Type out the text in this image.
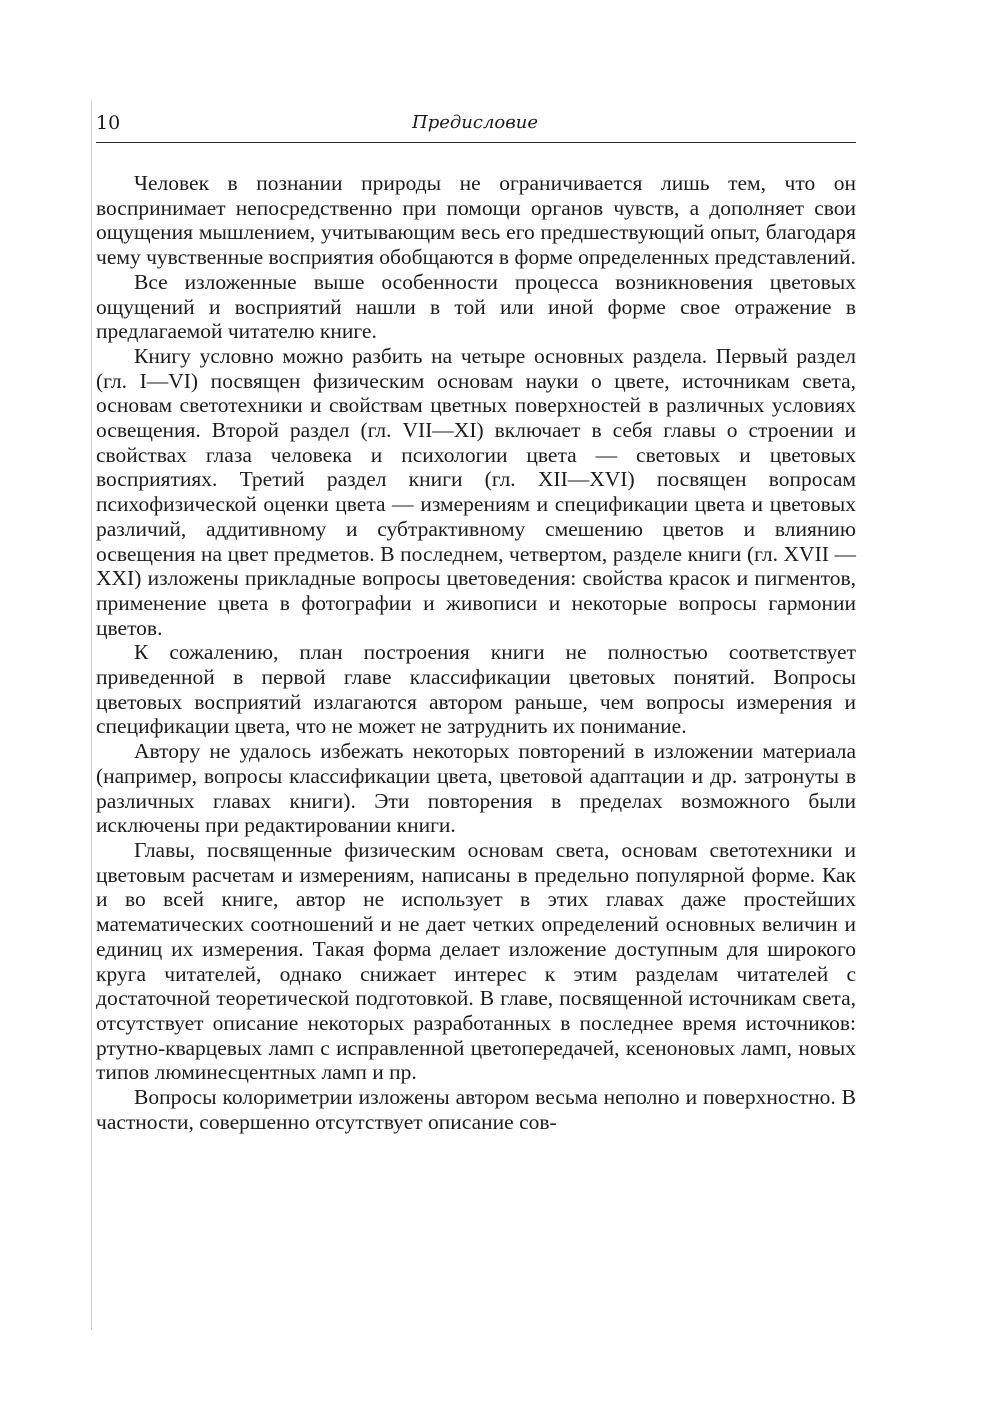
10	Предисловие

Человек в познании природы не ограничивается лишь тем, что он воспринимает непосредственно при помощи органов чувств, а дополняет свои ощущения мышлением, учитывающим весь его предшествующий опыт, благодаря чему чувственные восприятия обобщаются в форме определенных представлений.

Все изложенные выше особенности процесса возникновения цветовых ощущений и восприятий нашли в той или иной форме свое отражение в предлагаемой читателю книге.

Книгу условно можно разбить на четыре основных раздела. Первый раздел (гл. I—VI) посвящен физическим основам науки о цвете, источникам света, основам светотехники и свойствам цветных поверхностей в различных условиях освещения. Второй раздел (гл. VII—XI) включает в себя главы о строении и свойствах глаза человека и психологии цвета — световых и цветовых восприятиях. Третий раздел книги (гл. XII—XVI) посвящен вопросам психофизической оценки цвета — измерениям и спецификации цвета и цветовых различий, аддитивному и субтрактивному смешению цветов и влиянию освещения на цвет предметов. В последнем, четвертом, разделе книги (гл. XVII — XXI) изложены прикладные вопросы цветоведения: свойства красок и пигментов, применение цвета в фотографии и живописи и некоторые вопросы гармонии цветов.

К сожалению, план построения книги не полностью соответствует приведенной в первой главе классификации цветовых понятий. Вопросы цветовых восприятий излагаются автором раньше, чем вопросы измерения и спецификации цвета, что не может не затруднить их понимание.

Автору не удалось избежать некоторых повторений в изложении материала (например, вопросы классификации цвета, цветовой адаптации и др. затронуты в различных главах книги). Эти повторения в пределах возможного были исключены при редактировании книги.

Главы, посвященные физическим основам света, основам светотехники и цветовым расчетам и измерениям, написаны в предельно популярной форме. Как и во всей книге, автор не использует в этих главах даже простейших математических соотношений и не дает четких определений основных величин и единиц их измерения. Такая форма делает изложение доступным для широкого круга читателей, однако снижает интерес к этим разделам читателей с достаточной теоретической подготовкой. В главе, посвященной источникам света, отсутствует описание некоторых разработанных в последнее время источников: ртутно-кварцевых ламп с исправленной цветопередачей, ксеноновых ламп, новых типов люминесцентных ламп и пр.

Вопросы колориметрии изложены автором весьма неполно и поверхностно. В частности, совершенно отсутствует описание сов-
